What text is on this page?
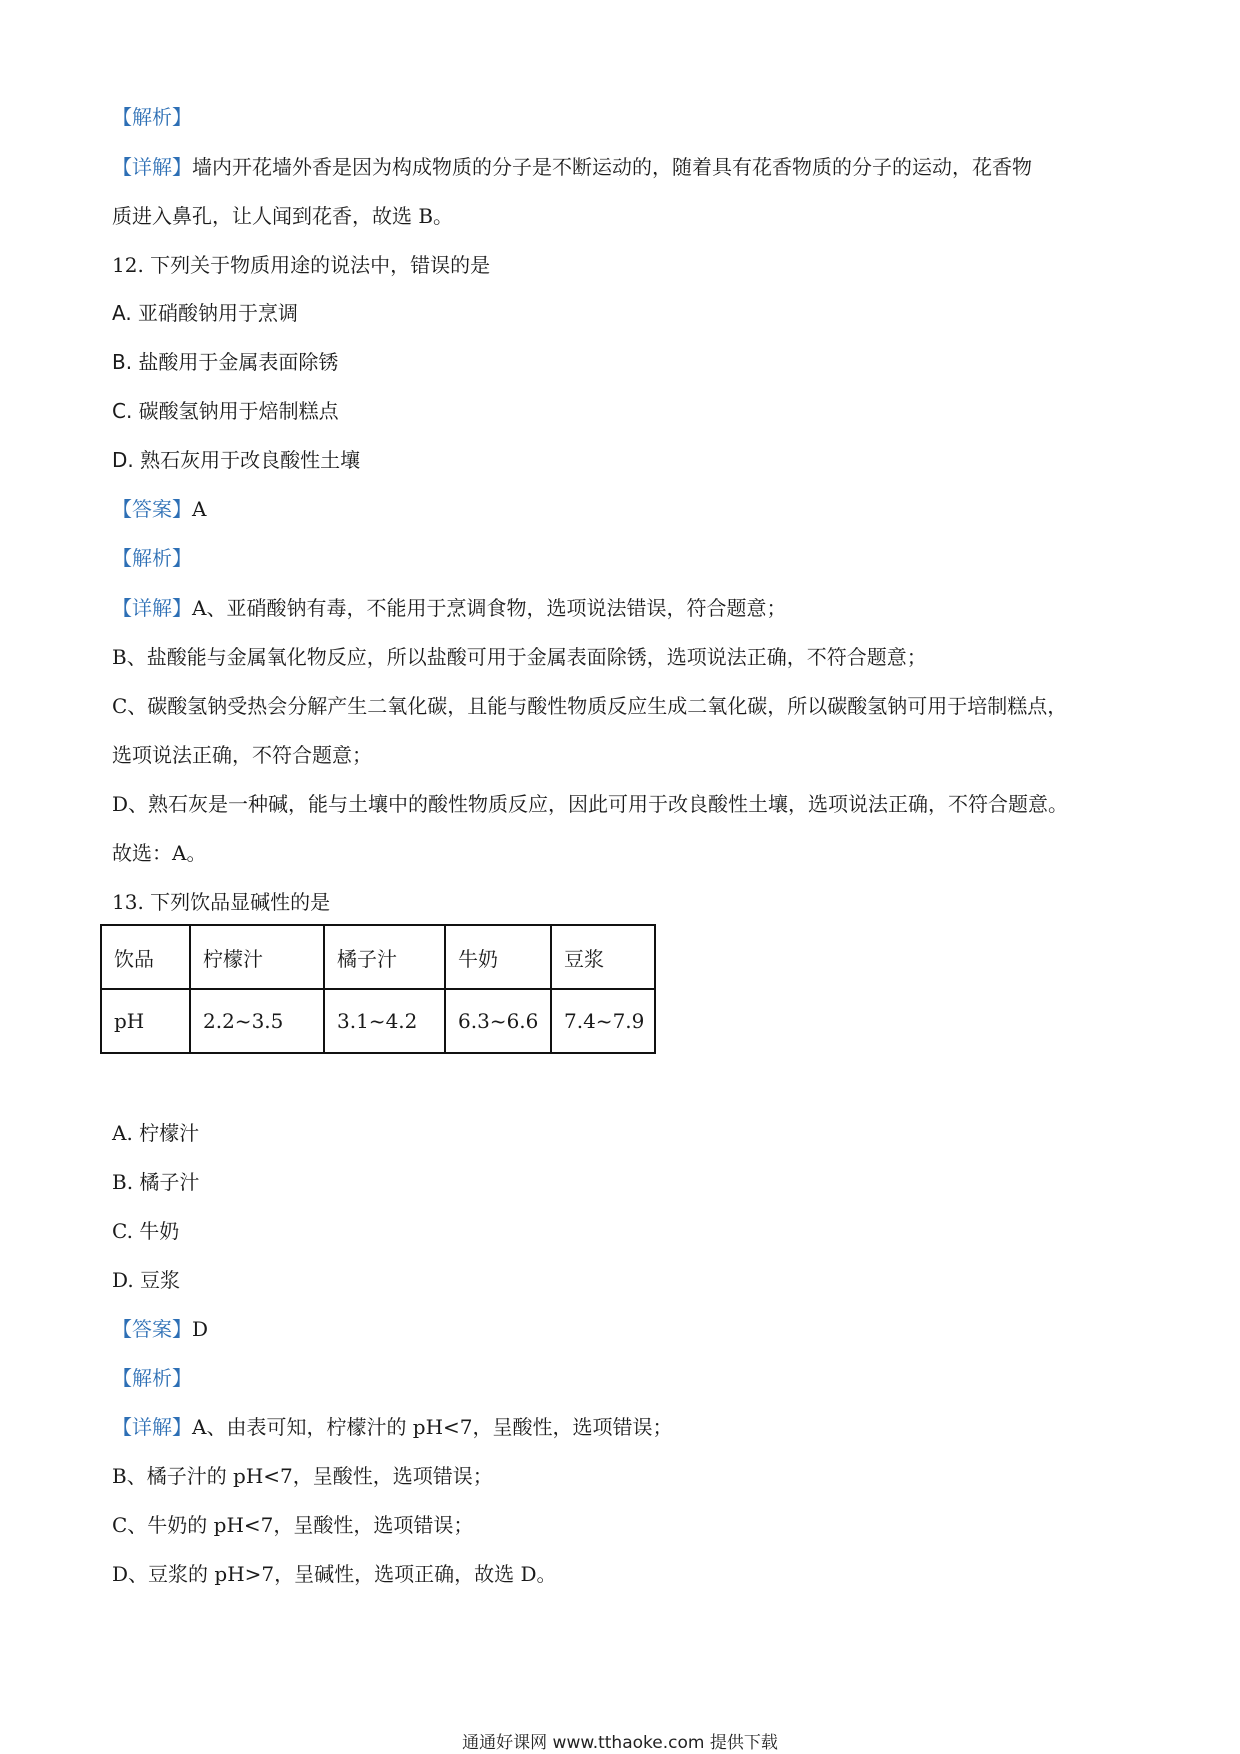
【解析】
【详解】墙内开花墙外香是因为构成物质的分子是不断运动的，随着具有花香物质的分子的运动，花香物
质进入鼻孔，让人闻到花香，故选 B。
12. 下列关于物质用途的说法中，错误的是
A. 亚硝酸钠用于烹调
B. 盐酸用于金属表面除锈
C. 碳酸氢钠用于焙制糕点
D. 熟石灰用于改良酸性土壤
【答案】A
【解析】
【详解】A、亚硝酸钠有毒，不能用于烹调食物，选项说法错误，符合题意；
B、盐酸能与金属氧化物反应，所以盐酸可用于金属表面除锈，选项说法正确，不符合题意；
C、碳酸氢钠受热会分解产生二氧化碳，且能与酸性物质反应生成二氧化碳，所以碳酸氢钠可用于培制糕点，
选项说法正确，不符合题意；
D、熟石灰是一种碱，能与土壤中的酸性物质反应，因此可用于改良酸性土壤，选项说法正确，不符合题意。
故选：A。
13. 下列饮品显碱性的是
饮品	柠檬汁	橘子汁	牛奶	豆浆
pH	2.2~3.5	3.1~4.2	6.3~6.6	7.4~7.9
A. 柠檬汁
B. 橘子汁
C. 牛奶
D. 豆浆
【答案】D
【解析】
【详解】A、由表可知，柠檬汁的 pH<7，呈酸性，选项错误；
B、橘子汁的 pH<7，呈酸性，选项错误；
C、牛奶的 pH<7，呈酸性，选项错误；
D、豆浆的 pH>7，呈碱性，选项正确，故选 D。
通通好课网 www.tthaoke.com 提供下载
